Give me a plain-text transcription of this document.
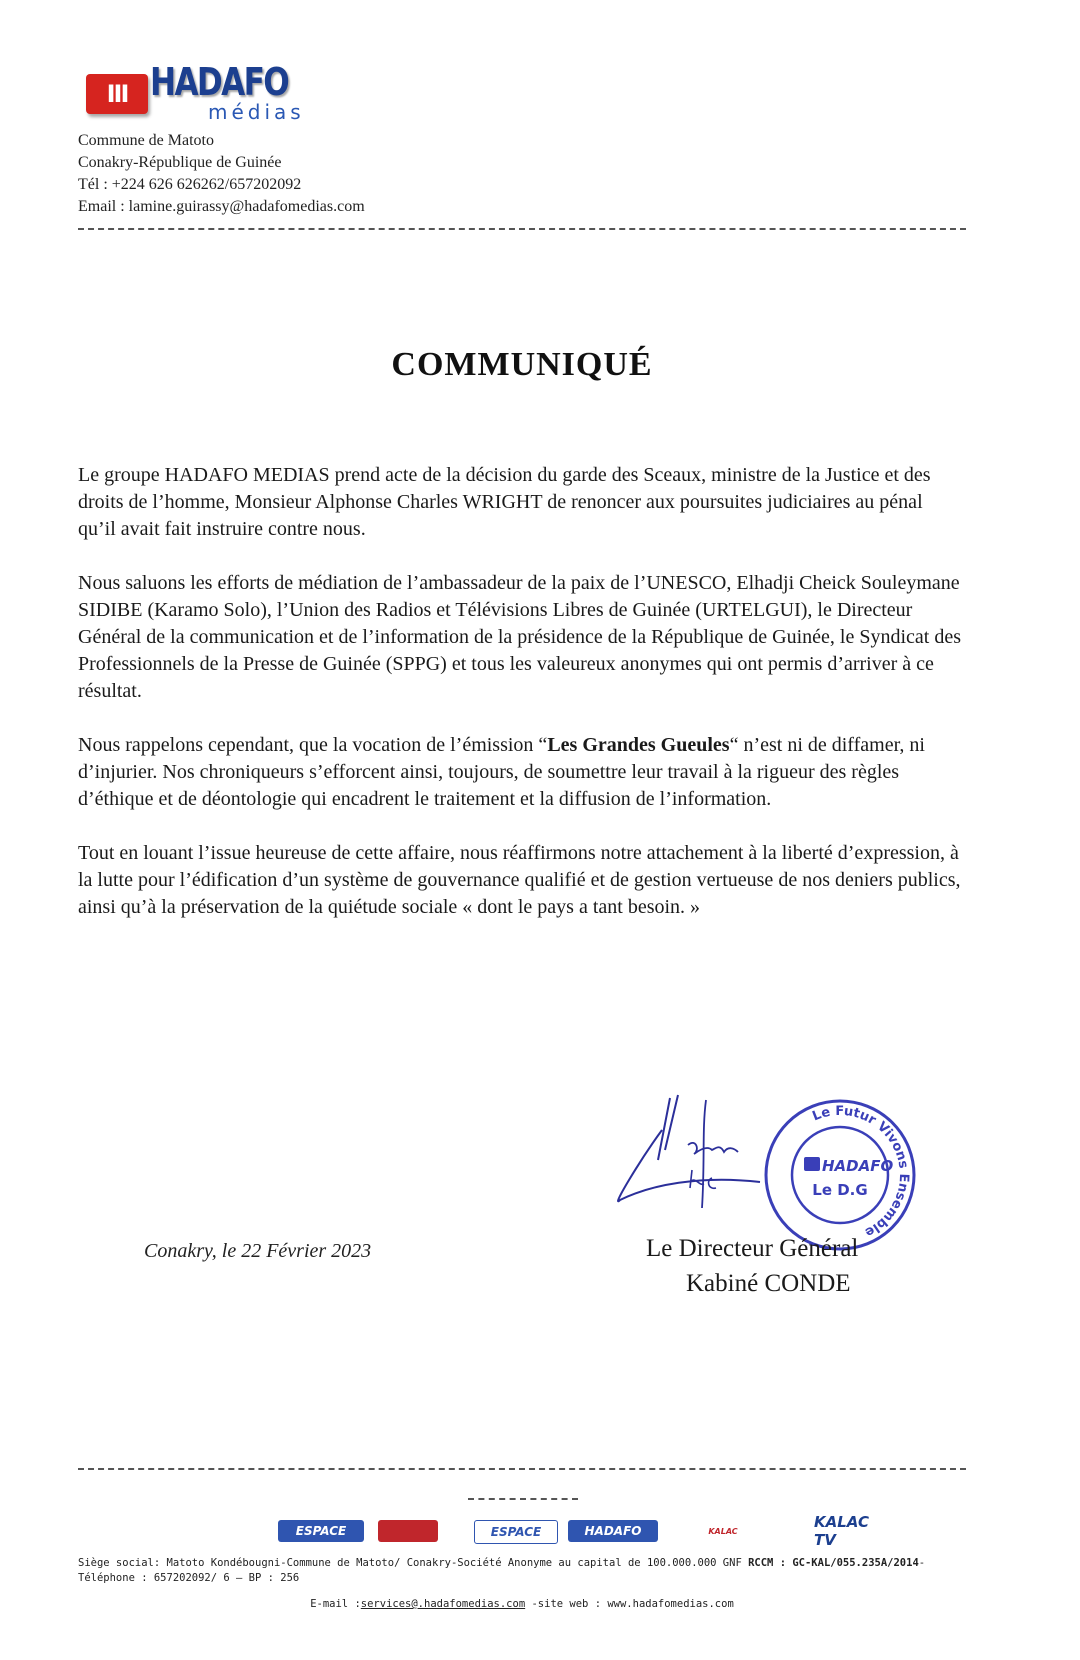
III HADAFO
médias
Commune de Matoto
Conakry-République de Guinée
Tél : +224 626 626262/657202092
Email : lamine.guirassy@hadafomedias.com
COMMUNIQUÉ

Le groupe HADAFO MEDIAS prend acte de la décision du garde des Sceaux, ministre de la Justice et des droits de l’homme, Monsieur Alphonse Charles WRIGHT de renoncer aux poursuites judiciaires au pénal qu’il avait fait instruire contre nous.

Nous saluons les efforts de médiation de l’ambassadeur de la paix de l’UNESCO, Elhadji Cheick Souleymane SIDIBE (Karamo Solo), l’Union des Radios et Télévisions Libres de Guinée (URTELGUI), le Directeur Général de la communication et de l’information de la présidence de la République de Guinée, le Syndicat des Professionnels de la Presse de Guinée (SPPG) et tous les valeureux anonymes qui ont permis d’arriver à ce résultat.

Nous rappelons cependant, que la vocation de l’émission “Les Grandes Gueules“ n’est ni de diffamer, ni d’injurier. Nos chroniqueurs s’efforcent ainsi, toujours, de soumettre leur travail à la rigueur des règles d’éthique et de déontologie qui encadrent le traitement et la diffusion de l’information.

Tout en louant l’issue heureuse de cette affaire, nous réaffirmons notre attachement à la liberté d’expression, à la lutte pour l’édification d’un système de gouvernance qualifié et de gestion vertueuse de nos deniers publics, ainsi qu’à la préservation de la quiétude sociale « dont le pays a tant besoin. »

Le Futur Vivons Ensemble
HADAFO
Le D.G
Conakry, le 22 Février 2023	Le Directeur Général
Kabiné CONDE
ESPACE	ESPACE	HADAFO	KALAC	KALAC TV
Siège social: Matoto Kondébougni-Commune de Matoto/ Conakry-Société Anonyme au capital de 100.000.000 GNF RCCM : GC-KAL/055.235A/2014-Téléphone : 657202092/ 6 – BP : 256
E-mail :services@.hadafomedias.com -site web : www.hadafomedias.com
